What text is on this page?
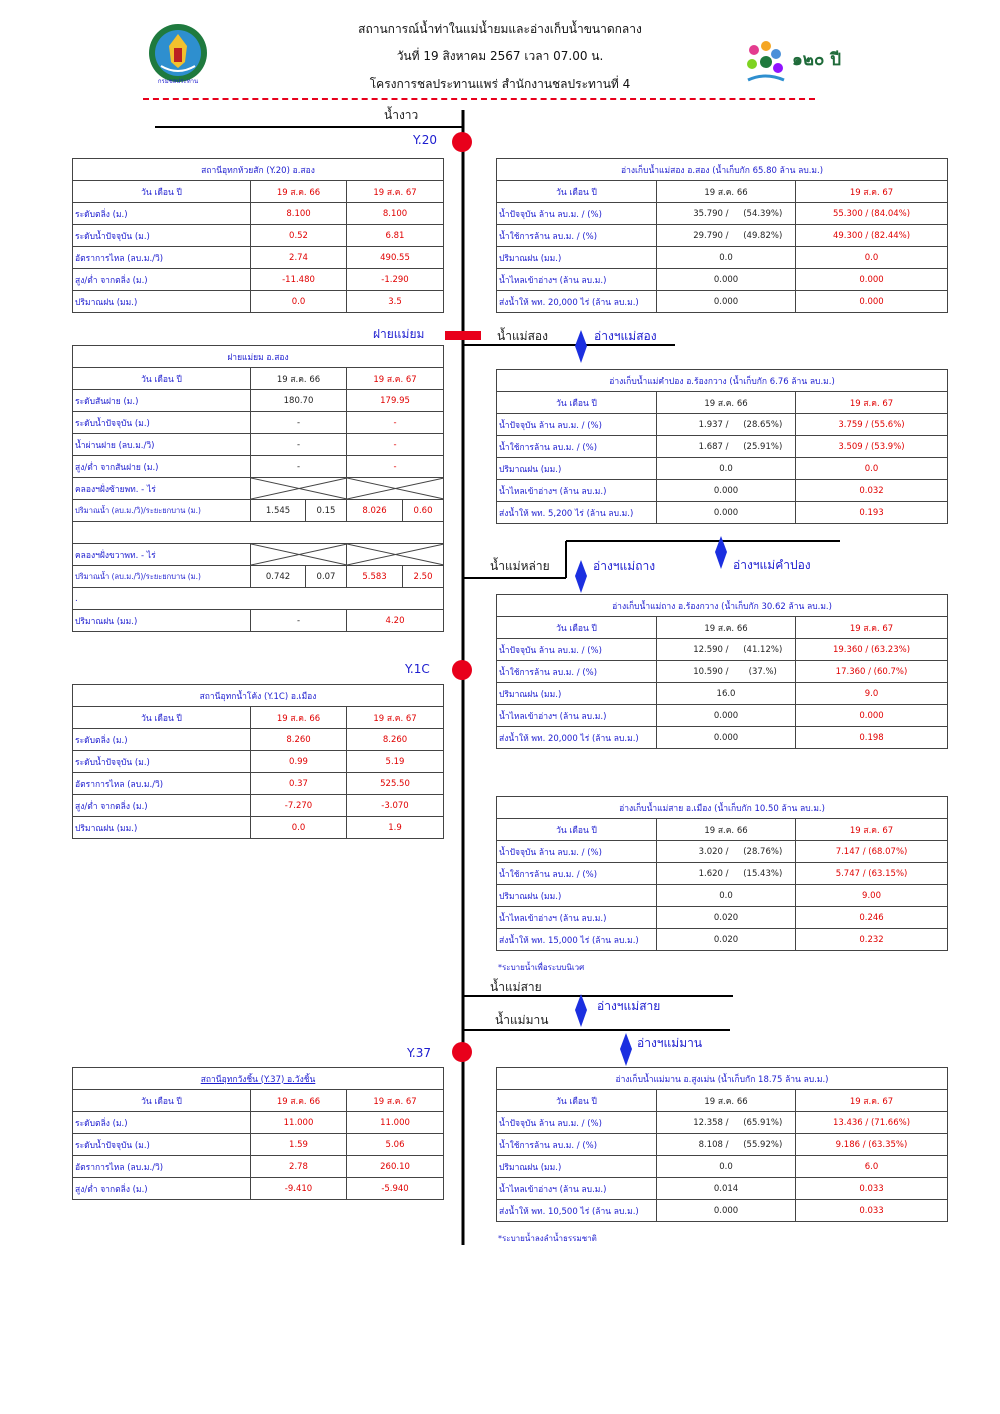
สถานการณ์น้ำท่าในแม่น้ำยมและอ่างเก็บน้ำขนาดกลาง
วันที่ 19 สิงหาคม 2567 เวลา 07.00 น.
โครงการชลประทานแพร่ สำนักงานชลประทานที่ 4
กรมชลประทาน
๑๒๐ ปี
น้ำงาว
Y.20
ฝายแม่ยม	น้ำแม่สอง	อ่างฯแม่สอง
น้ำแม่หล่าย	อ่างฯแม่ถาง	อ่างฯแม่คำปอง
Y.1C
น้ำแม่สาย
อ่างฯแม่สาย
น้ำแม่มาน
อ่างฯแม่มาน
Y.37
สถานีอุทกห้วยสัก (Y.20) อ.สอง		
วัน เดือน ปี	19 ส.ค. 66	19 ส.ค. 67
ระดับตลิ่ง (ม.)	8.100	8.100
ระดับน้ำปัจจุบัน (ม.)	0.52	6.81
อัตราการไหล (ลบ.ม./วิ)	2.74	490.55
สูง/ต่ำ จากตลิ่ง (ม.)	-11.480	-1.290
ปริมาณฝน (มม.)	0.0	3.5
ฝายแม่ยม อ.สอง				
วัน เดือน ปี	19 ส.ค. 66		19 ส.ค. 67	
ระดับสันฝาย (ม.)	180.70		179.95	
ระดับน้ำปัจจุบัน (ม.)	-		-	
น้ำผ่านฝาย (ลบ.ม./วิ)	-		-	
สูง/ต่ำ จากสันฝาย (ม.)	-		-	
คลองฯฝั่งซ้ายพท. - ไร่	

ปริมาณน้ำ (ลบ.ม./วิ)/ระยะยกบาน (ม.)	1.545	0.15	8.026	0.60

คลองฯฝั่งขวาพท. - ไร่	

ปริมาณน้ำ (ลบ.ม./วิ)/ระยะยกบาน (ม.)	0.742	0.07	5.583	2.50
.				
ปริมาณฝน (มม.)	-		4.20	
สถานีอุทกน้ำโค้ง (Y.1C) อ.เมือง		
วัน เดือน ปี	19 ส.ค. 66	19 ส.ค. 67
ระดับตลิ่ง (ม.)	8.260	8.260
ระดับน้ำปัจจุบัน (ม.)	0.99	5.19
อัตราการไหล (ลบ.ม./วิ)	0.37	525.50
สูง/ต่ำ จากตลิ่ง (ม.)	-7.270	-3.070
ปริมาณฝน (มม.)	0.0	1.9
สถานีอุทกวังชิ้น (Y.37) อ.วังชิ้น		
วัน เดือน ปี	19 ส.ค. 66	19 ส.ค. 67
ระดับตลิ่ง (ม.)	11.000	11.000
ระดับน้ำปัจจุบัน (ม.)	1.59	5.06
อัตราการไหล (ลบ.ม./วิ)	2.78	260.10
สูง/ต่ำ จากตลิ่ง (ม.)	-9.410	-5.940
อ่างเก็บน้ำแม่สอง อ.สอง (น้ำเก็บกัก 65.80 ล้าน ลบ.ม.)			
วัน เดือน ปี	19 ส.ค. 66		19 ส.ค. 67
น้ำปัจจุบัน ล้าน ลบ.ม. / (%)	35.790 /	(54.39%)	55.300 / (84.04%)
น้ำใช้การล้าน ลบ.ม. / (%)	29.790 /	(49.82%)	49.300 / (82.44%)
ปริมาณฝน (มม.)	0.0		0.0
น้ำไหลเข้าอ่างฯ (ล้าน ลบ.ม.)	0.000		0.000
ส่งน้ำให้ พท. 20,000 ไร่ (ล้าน ลบ.ม.)	0.000		0.000
อ่างเก็บน้ำแม่คำปอง อ.ร้องกวาง (น้ำเก็บกัก 6.76 ล้าน ลบ.ม.)			
วัน เดือน ปี	19 ส.ค. 66		19 ส.ค. 67
น้ำปัจจุบัน ล้าน ลบ.ม. / (%)	1.937 /	(28.65%)	3.759 / (55.6%)
น้ำใช้การล้าน ลบ.ม. / (%)	1.687 /	(25.91%)	3.509 / (53.9%)
ปริมาณฝน (มม.)	0.0		0.0
น้ำไหลเข้าอ่างฯ (ล้าน ลบ.ม.)	0.000		0.032
ส่งน้ำให้ พท. 5,200 ไร่ (ล้าน ลบ.ม.)	0.000		0.193
อ่างเก็บน้ำแม่ถาง อ.ร้องกวาง (น้ำเก็บกัก 30.62 ล้าน ลบ.ม.)			
วัน เดือน ปี	19 ส.ค. 66		19 ส.ค. 67
น้ำปัจจุบัน ล้าน ลบ.ม. / (%)	12.590 /	(41.12%)	19.360 / (63.23%)
น้ำใช้การล้าน ลบ.ม. / (%)	10.590 /	(37.%)	17.360 / (60.7%)
ปริมาณฝน (มม.)	16.0		9.0
น้ำไหลเข้าอ่างฯ (ล้าน ลบ.ม.)	0.000		0.000
ส่งน้ำให้ พท. 20,000 ไร่ (ล้าน ลบ.ม.)	0.000		0.198
อ่างเก็บน้ำแม่สาย อ.เมือง (น้ำเก็บกัก 10.50 ล้าน ลบ.ม.)			
วัน เดือน ปี	19 ส.ค. 66		19 ส.ค. 67
น้ำปัจจุบัน ล้าน ลบ.ม. / (%)	3.020 /	(28.76%)	7.147 / (68.07%)
น้ำใช้การล้าน ลบ.ม. / (%)	1.620 /	(15.43%)	5.747 / (63.15%)
ปริมาณฝน (มม.)	0.0		9.00
น้ำไหลเข้าอ่างฯ (ล้าน ลบ.ม.)	0.020		0.246
ส่งน้ำให้ พท. 15,000 ไร่ (ล้าน ลบ.ม.)	0.020		0.232
*ระบายน้ำเพื่อระบบนิเวศ
อ่างเก็บน้ำแม่มาน อ.สูงเม่น (น้ำเก็บกัก 18.75 ล้าน ลบ.ม.)			
วัน เดือน ปี	19 ส.ค. 66		19 ส.ค. 67
น้ำปัจจุบัน ล้าน ลบ.ม. / (%)	12.358 /	(65.91%)	13.436 / (71.66%)
น้ำใช้การล้าน ลบ.ม. / (%)	8.108 /	(55.92%)	9.186 / (63.35%)
ปริมาณฝน (มม.)	0.0		6.0
น้ำไหลเข้าอ่างฯ (ล้าน ลบ.ม.)	0.014		0.033
ส่งน้ำให้ พท. 10,500 ไร่ (ล้าน ลบ.ม.)	0.000		0.033
*ระบายน้ำลงลำน้ำธรรมชาติ
